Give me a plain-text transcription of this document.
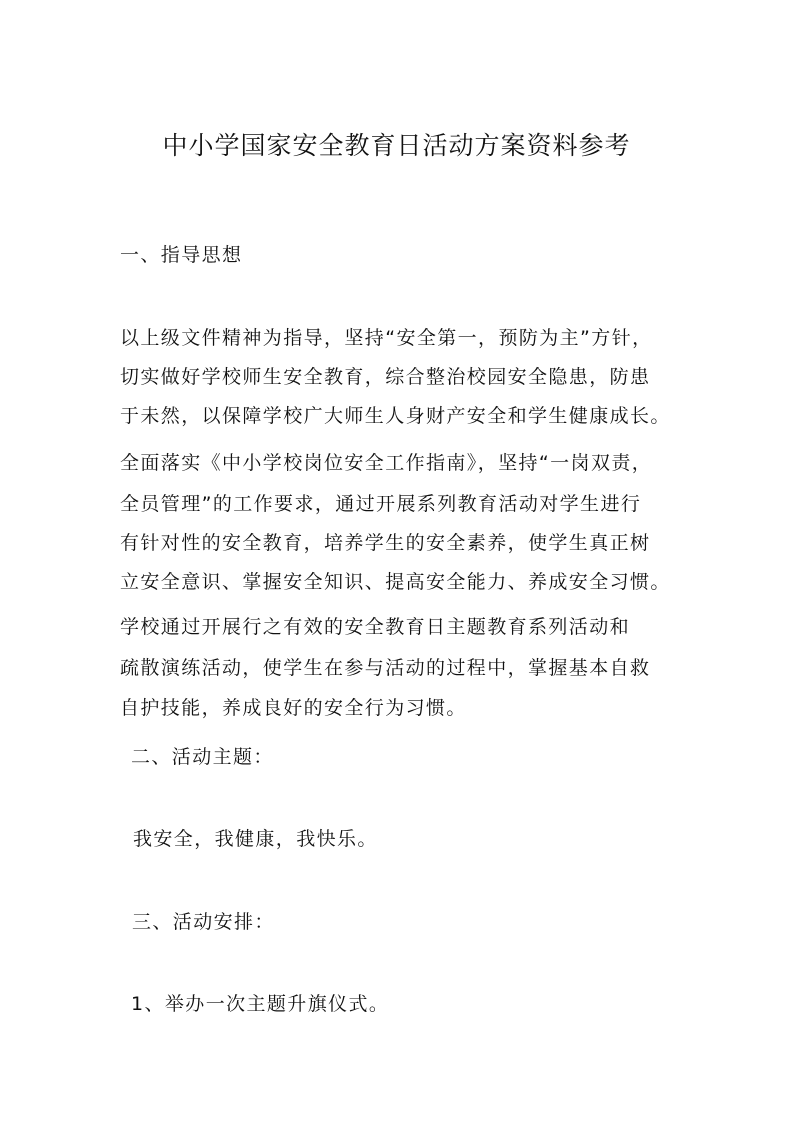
中小学国家安全教育日活动方案资料参考

一、指导思想

以上级文件精神为指导，坚持“安全第一，预防为主”方针，

切实做好学校师生安全教育，综合整治校园安全隐患，防患

于未然，以保障学校广大师生人身财产安全和学生健康成长。

全面落实《中小学校岗位安全工作指南》，坚持“一岗双责，

全员管理”的工作要求，通过开展系列教育活动对学生进行

有针对性的安全教育，培养学生的安全素养，使学生真正树

立安全意识、掌握安全知识、提高安全能力、养成安全习惯。

学校通过开展行之有效的安全教育日主题教育系列活动和

疏散演练活动，使学生在参与活动的过程中，掌握基本自救

自护技能，养成良好的安全行为习惯。

二、活动主题：

我安全，我健康，我快乐。

三、活动安排：

1、举办一次主题升旗仪式。
